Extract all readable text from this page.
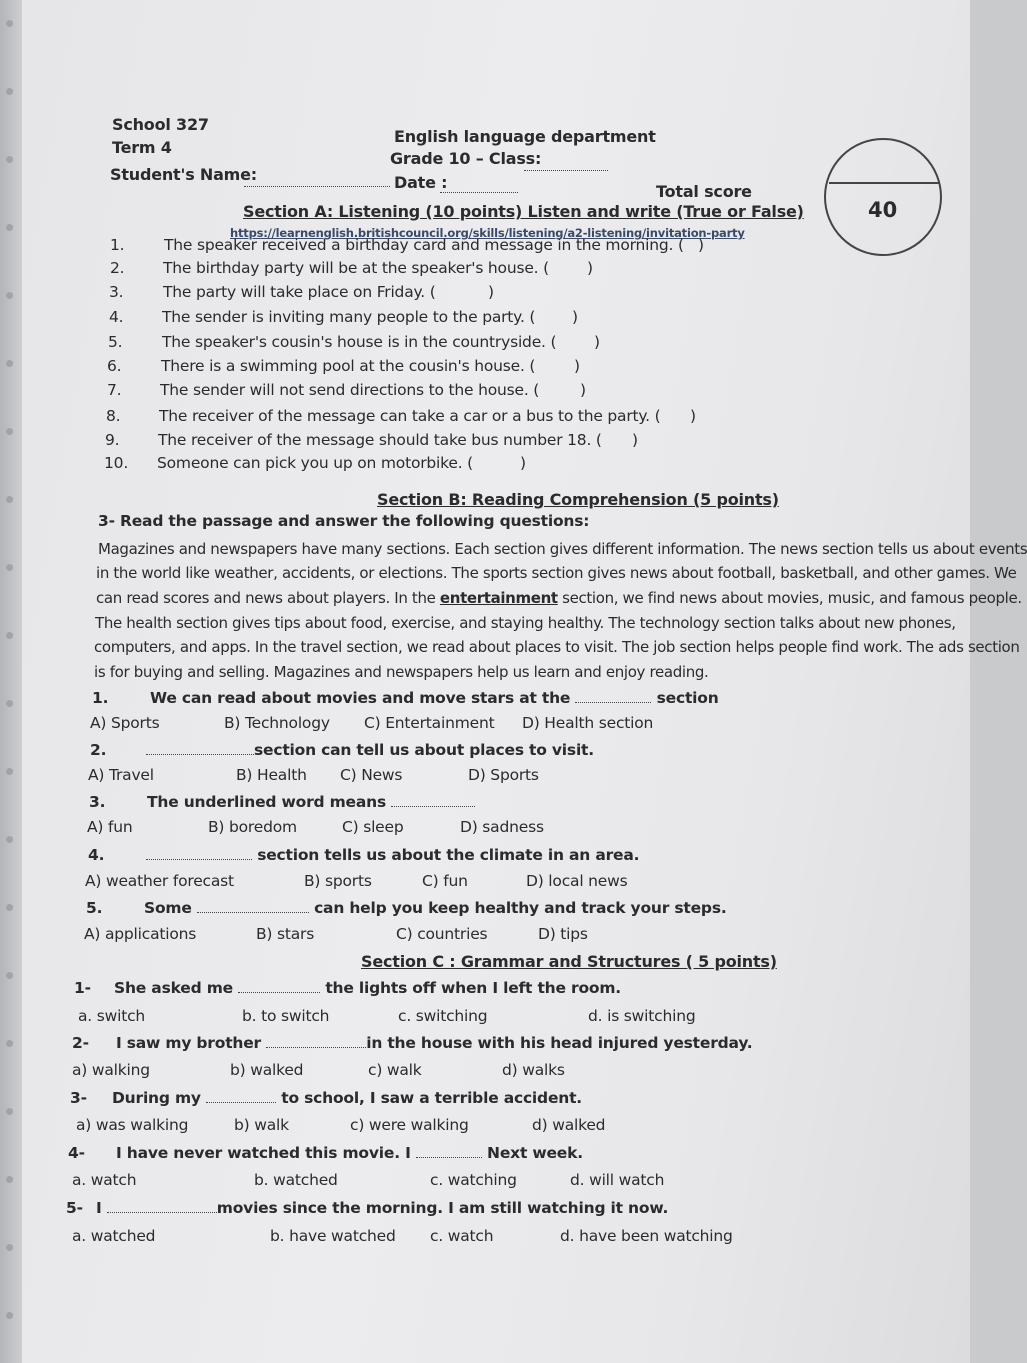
School 327
Term 4
Student's Name:
English language department
Grade 10 – Class:
Date :	Total score
40
Section A: Listening (10 points) Listen and write (True or False)
https://learnenglish.britishcouncil.org/skills/listening/a2-listening/invitation-party
1.	The speaker received a birthday card and message in the morning. ( )
2. The birthday party will be at the speaker's house. ( )
3.	The party will take place on Friday. (	)
4. The sender is inviting many people to the party. ( )
5.	The speaker's cousin's house is in the countryside. ( )
6.	There is a swimming pool at the cousin's house. ( )
7. The sender will not send directions to the house. (	)
8. The receiver of the message can take a car or a bus to the party. ( )
9. The receiver of the message should take bus number 18. ( )
10. Someone can pick you up on motorbike. (	)
Section B: Reading Comprehension (5 points)
3- Read the passage and answer the following questions:
Magazines and newspapers have many sections. Each section gives different information. The news section tells us about events
in the world like weather, accidents, or elections. The sports section gives news about football, basketball, and other games. We
can read scores and news about players. In the entertainment section, we find news about movies, music, and famous people.
The health section gives tips about food, exercise, and staying healthy. The technology section talks about new phones,
computers, and apps. In the travel section, we read about places to visit. The job section helps people find work. The ads section
is for buying and selling. Magazines and newspapers help us learn and enjoy reading.
1.	We can read about movies and move stars at the	section
A) Sports	B) Technology C) Entertainment D) Health section
2.	section can tell us about places to visit.
A) Travel	B) Health C) News	D) Sports
3.	The underlined word means
A) fun	B) boredom	C) sleep	D) sadness
4.	section tells us about the climate in an area.
A) weather forecast	B) sports	C) fun	D) local news
5.	Some	can help you keep healthy and track your steps.
A) applications	B) stars	C) countries	D) tips
Section C : Grammar and Structures ( 5 points)
1- She asked me	the lights off when I left the room.
a. switch	b. to switch	c. switching	d. is switching
2- I saw my brother	in the house with his head injured yesterday.
a) walking	b) walked	c) walk	d) walks
3- During my	to school, I saw a terrible accident.
a) was walking	b) walk	c) were walking	d) walked
4- I have never watched this movie. I	Next week.
a. watch	b. watched	c. watching	d. will watch
5- I	movies since the morning. I am still watching it now.
a. watched	b. have watched c. watch	d. have been watching
